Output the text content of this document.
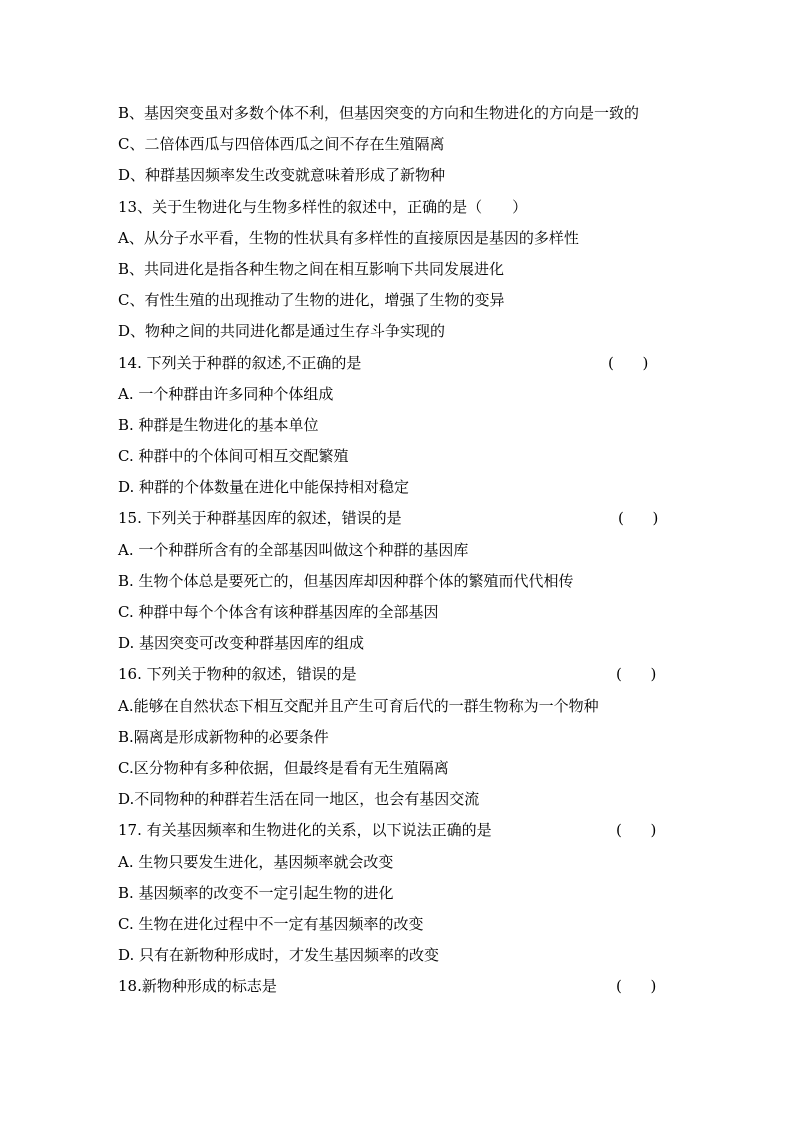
B、基因突变虽对多数个体不利，但基因突变的方向和生物进化的方向是一致的
C、二倍体西瓜与四倍体西瓜之间不存在生殖隔离
D、种群基因频率发生改变就意味着形成了新物种
13、关于生物进化与生物多样性的叙述中，正确的是（　　）
A、从分子水平看，生物的性状具有多样性的直接原因是基因的多样性
B、共同进化是指各种生物之间在相互影响下共同发展进化
C、有性生殖的出现推动了生物的进化，增强了生物的变异
D、物种之间的共同进化都是通过生存斗争实现的
14. 下列关于种群的叙述,不正确的是	(      )
A. 一个种群由许多同种个体组成
B. 种群是生物进化的基本单位
C. 种群中的个体间可相互交配繁殖
D. 种群的个体数量在进化中能保持相对稳定
15. 下列关于种群基因库的叙述，错误的是	(      )
A. 一个种群所含有的全部基因叫做这个种群的基因库
B. 生物个体总是要死亡的，但基因库却因种群个体的繁殖而代代相传
C. 种群中每个个体含有该种群基因库的全部基因
D. 基因突变可改变种群基因库的组成
16. 下列关于物种的叙述，错误的是	(      )
A.能够在自然状态下相互交配并且产生可育后代的一群生物称为一个物种
B.隔离是形成新物种的必要条件
C.区分物种有多种依据，但最终是看有无生殖隔离
D.不同物种的种群若生活在同一地区，也会有基因交流
17. 有关基因频率和生物进化的关系，以下说法正确的是	(      )
A. 生物只要发生进化，基因频率就会改变
B. 基因频率的改变不一定引起生物的进化
C. 生物在进化过程中不一定有基因频率的改变
D. 只有在新物种形成时，才发生基因频率的改变
18.新物种形成的标志是	(      )
